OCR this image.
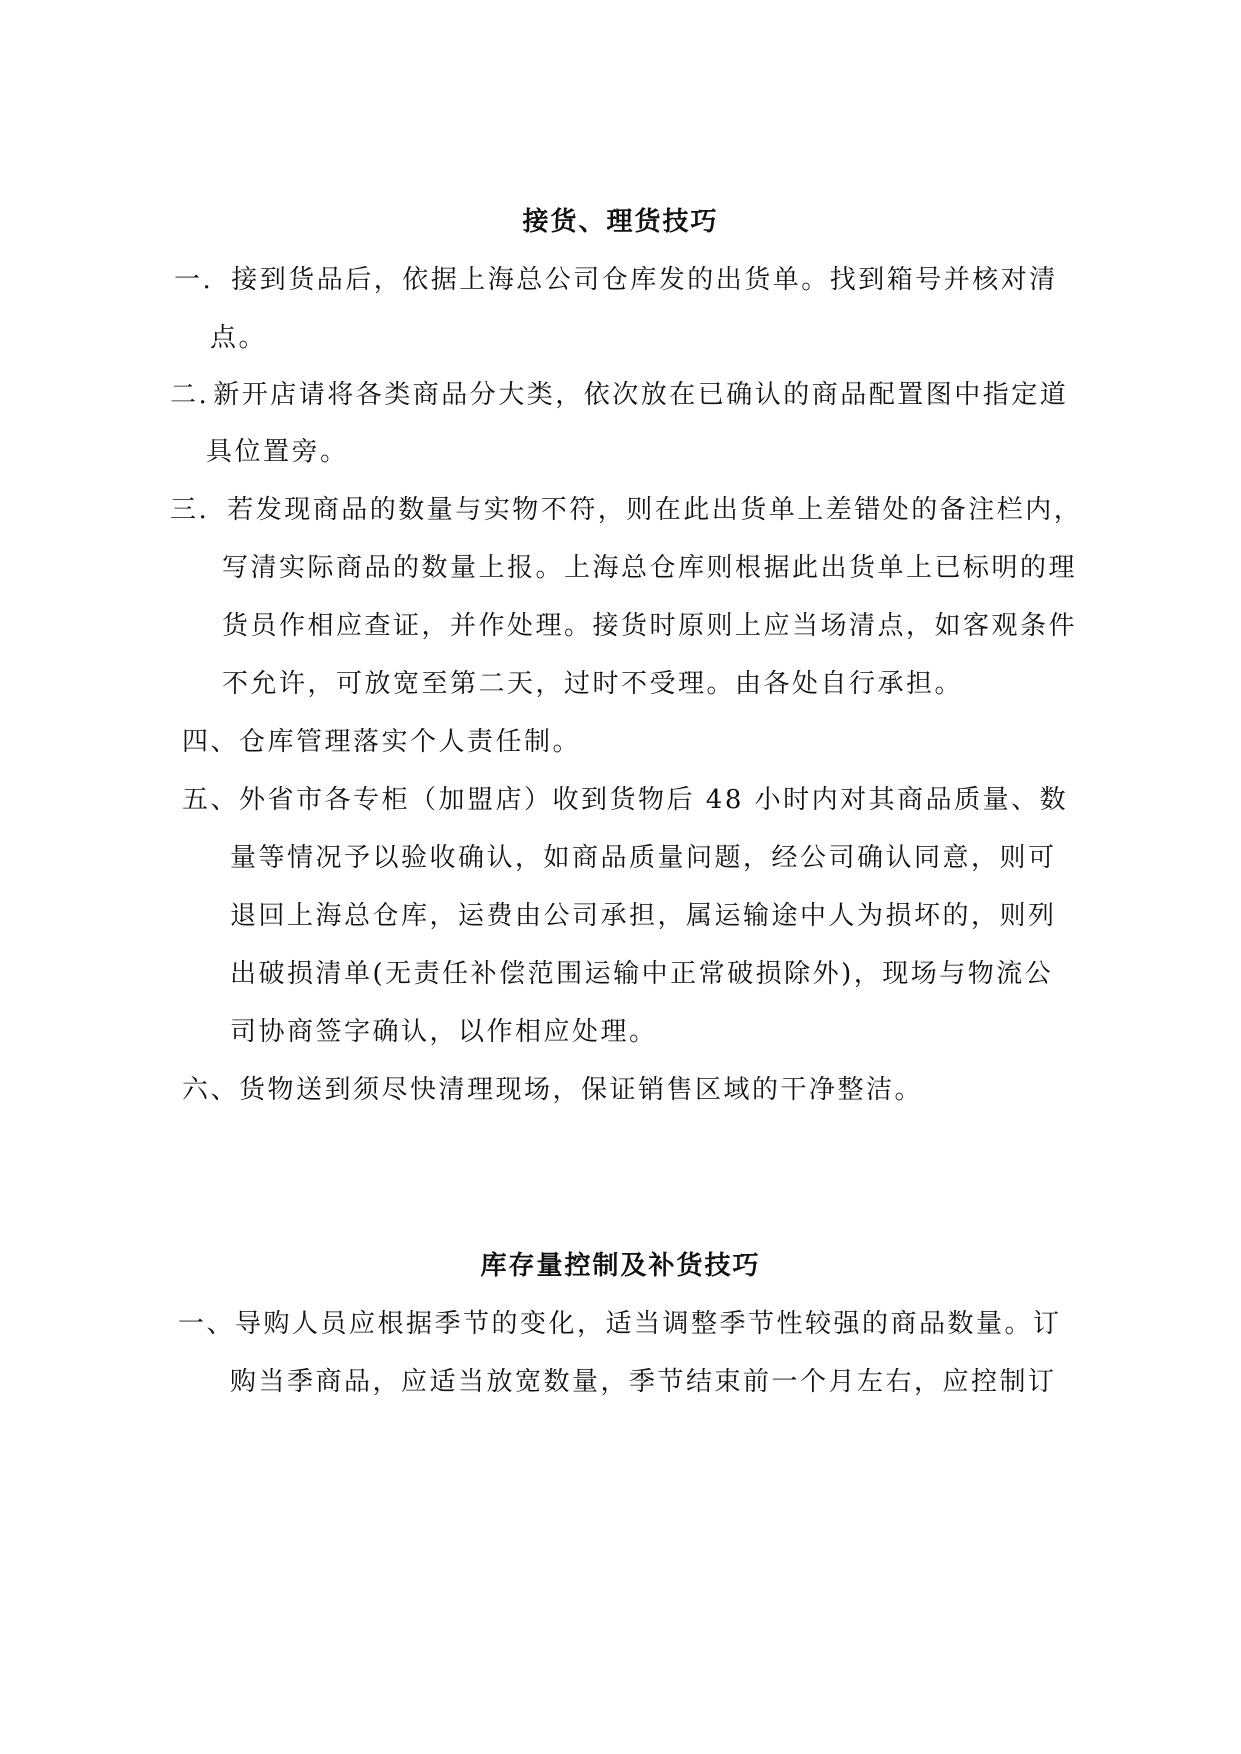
接货、理货技巧
一. 接到货品后，依据上海总公司仓库发的出货单。找到箱号并核对清
点。
二. 新开店请将各类商品分大类，依次放在已确认的商品配置图中指定道
具位置旁。
三. 若发现商品的数量与实物不符，则在此出货单上差错处的备注栏内，
写清实际商品的数量上报。上海总仓库则根据此出货单上已标明的理
货员作相应查证，并作处理。接货时原则上应当场清点，如客观条件
不允许，可放宽至第二天，过时不受理。由各处自行承担。
四、仓库管理落实个人责任制。
五、外省市各专柜（加盟店）收到货物后 48 小时内对其商品质量、数
量等情况予以验收确认，如商品质量问题，经公司确认同意，则可
退回上海总仓库，运费由公司承担，属运输途中人为损坏的，则列
出破损清单(无责任补偿范围运输中正常破损除外)，现场与物流公
司协商签字确认，以作相应处理。
六、货物送到须尽快清理现场，保证销售区域的干净整洁。
库存量控制及补货技巧
一、导购人员应根据季节的变化，适当调整季节性较强的商品数量。订
购当季商品，应适当放宽数量，季节结束前一个月左右，应控制订
